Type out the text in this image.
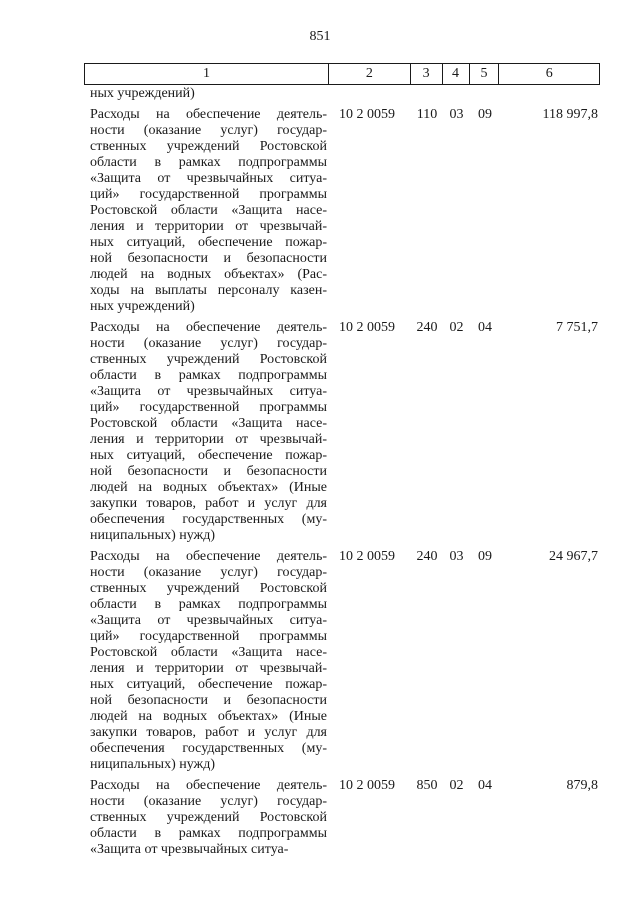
851
1	2	3	4	5	6
ных учреждений)
Расходы на обеспечение деятель-
ности (оказание услуг) государ-
ственных учреждений Ростовской
области в рамках подпрограммы
«Защита от чрезвычайных ситуа-
ций» государственной программы
Ростовской области «Защита насе-
ления и территории от чрезвычай-
ных ситуаций, обеспечение пожар-
ной безопасности и безопасности
людей на водных объектах» (Рас-
ходы на выплаты персоналу казен-
ных учреждений)
10 2 0059	110 03	09	118 997,8
Расходы на обеспечение деятель-
ности (оказание услуг) государ-
ственных учреждений Ростовской
области в рамках подпрограммы
«Защита от чрезвычайных ситуа-
ций» государственной программы
Ростовской области «Защита насе-
ления и территории от чрезвычай-
ных ситуаций, обеспечение пожар-
ной безопасности и безопасности
людей на водных объектах» (Иные
закупки товаров, работ и услуг для
обеспечения государственных (му-
ниципальных) нужд)
10 2 0059	240 02	04	7 751,7
Расходы на обеспечение деятель-
ности (оказание услуг) государ-
ственных учреждений Ростовской
области в рамках подпрограммы
«Защита от чрезвычайных ситуа-
ций» государственной программы
Ростовской области «Защита насе-
ления и территории от чрезвычай-
ных ситуаций, обеспечение пожар-
ной безопасности и безопасности
людей на водных объектах» (Иные
закупки товаров, работ и услуг для
обеспечения государственных (му-
ниципальных) нужд)
10 2 0059	240 03	09	24 967,7
Расходы на обеспечение деятель-
ности (оказание услуг) государ-
ственных учреждений Ростовской
области в рамках подпрограммы
«Защита от чрезвычайных ситуа-
10 2 0059	850 02	04	879,8
